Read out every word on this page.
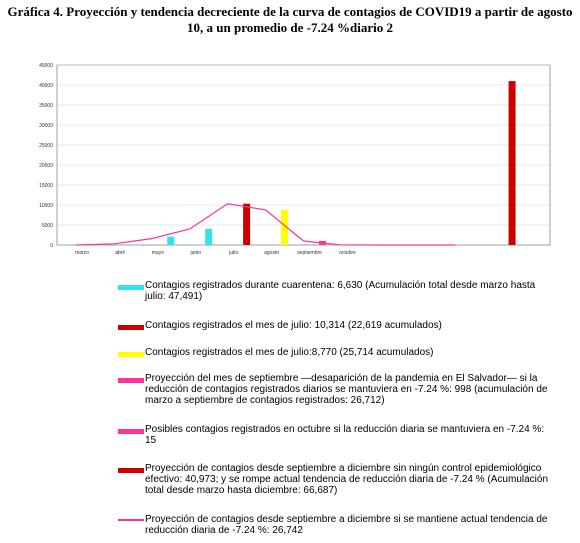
Gráfica 4. Proyección y tendencia decreciente de la curva de contagios de COVID19 a partir de agosto 10, a un promedio de -7.24 %diario 2
0
5000
10000
15000
20000
25000
30000
35000
40000
45000
marzo	abril	mayo	junio	julio	agosto	septiembre	octubre
Contagios registrados durante cuarentena: 6,630 (Acumulación total desde marzo hasta julio: 47,491)
Contagios registrados el mes de julio: 10,314 (22,619 acumulados)
Contagios registrados el mes de julio:8,770 (25,714 acumulados)
Proyección del mes de septiembre —desaparición de la pandemia en El Salvador— si la reducción de contagios registrados diarios se mantuviera en -7.24 %: 998 (acumulación de marzo a septiembre de contagios registrados: 26,712)
Posibles contagios registrados en octubre si la reducción diaria se mantuviera en -7.24 %: 15
Proyección de contagios desde septiembre a diciembre sin ningún control epidemiológico efectivo: 40,973; y se rompe actual tendencia de reducción diaria de -7.24 % (Acumulación total desde marzo hasta diciembre: 66,687)
Proyección de contagios desde septiembre a diciembre si se mantiene actual tendencia de reducción diaria de -7.24 %: 26,742
